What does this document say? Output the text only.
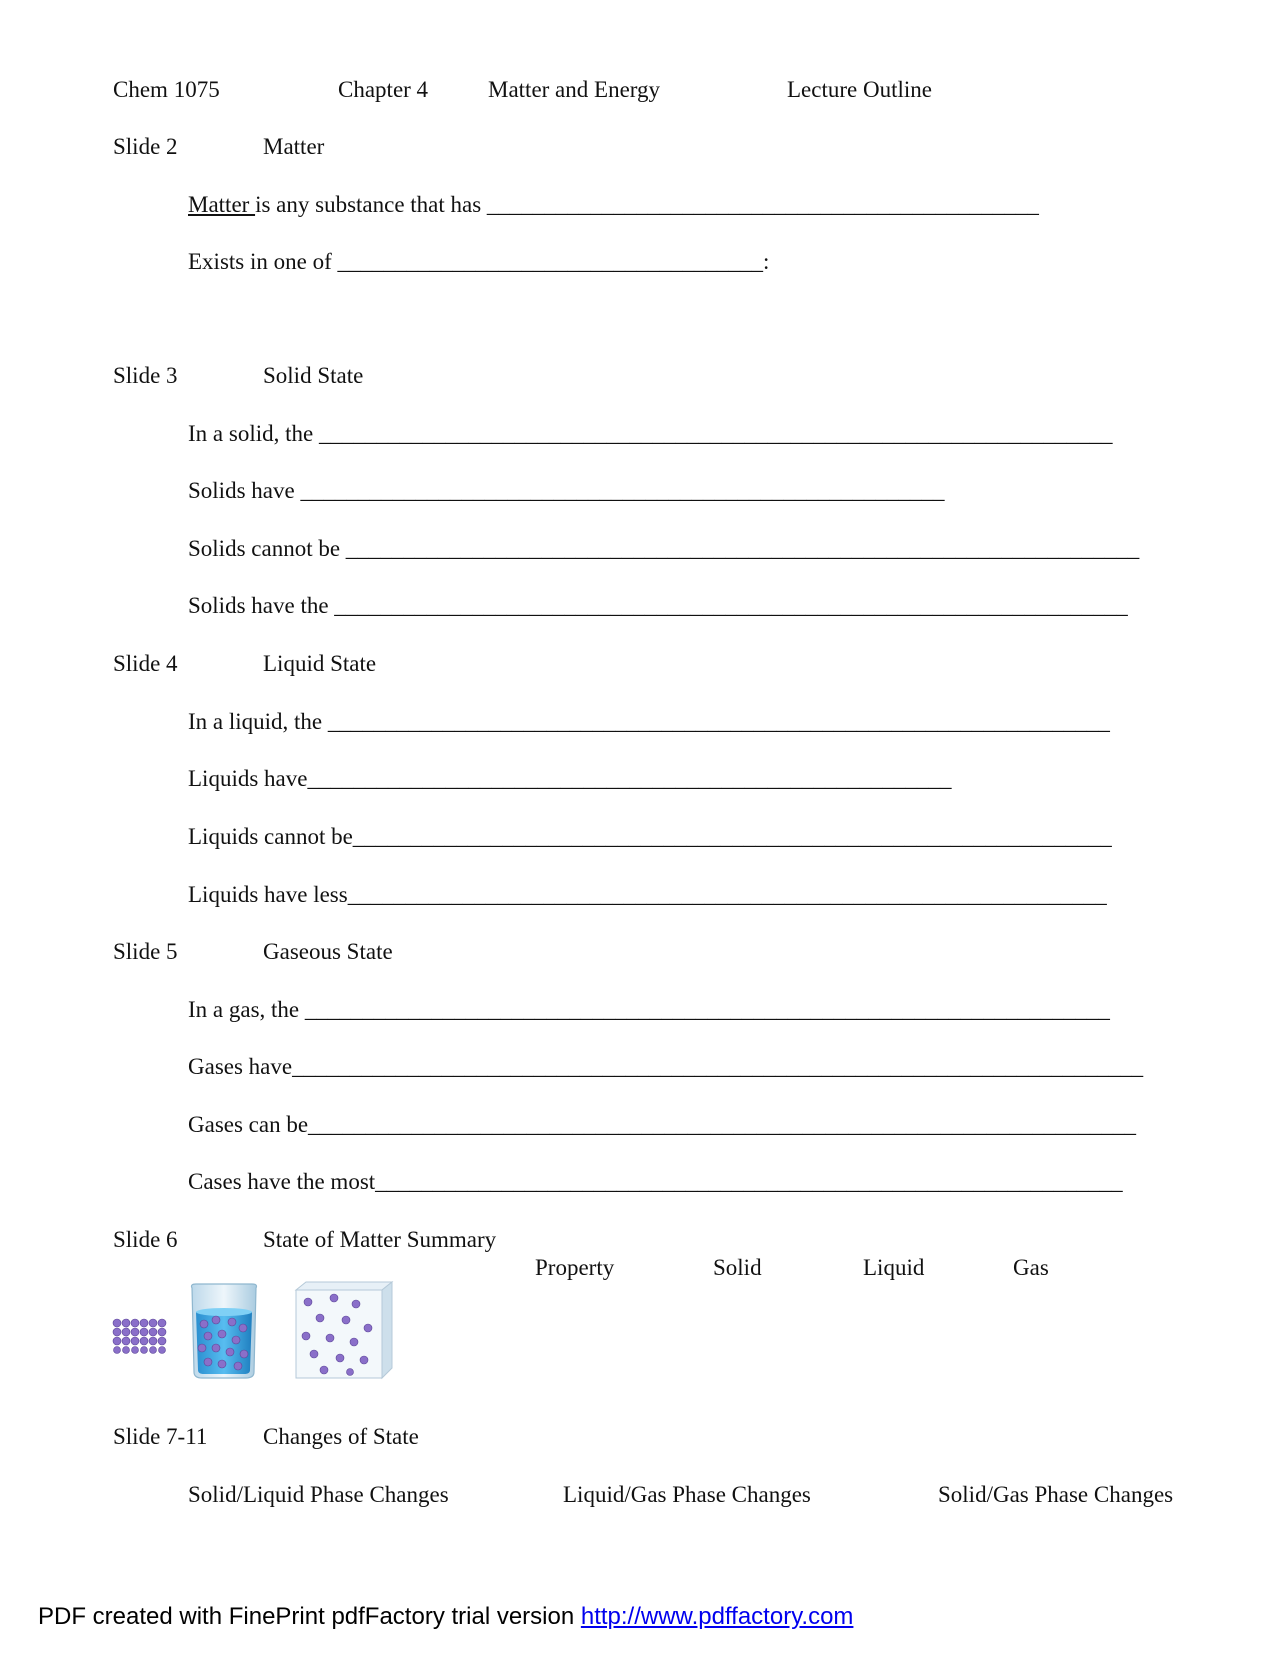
Chem 1075	Chapter 4	Matter and Energy	Lecture Outline
Slide 2	Matter
Matter is any substance that has ________________________________________________
Exists in one of _____________________________________:
Slide 3	Solid State
In a solid, the _____________________________________________________________________
Solids have ________________________________________________________
Solids cannot be _____________________________________________________________________
Solids have the _____________________________________________________________________
Slide 4	Liquid State
In a liquid, the ____________________________________________________________________
Liquids have________________________________________________________
Liquids cannot be__________________________________________________________________
Liquids have less__________________________________________________________________
Slide 5	Gaseous State
In a gas, the ______________________________________________________________________
Gases have__________________________________________________________________________
Gases can be________________________________________________________________________
Cases have the most_________________________________________________________________
Slide 6	State of Matter Summary
Property	Solid	Liquid	Gas
Slide 7-11 Changes of State
Solid/Liquid Phase Changes	Liquid/Gas Phase Changes	Solid/Gas Phase Changes
PDF created with FinePrint pdfFactory trial version http://www.pdffactory.com
